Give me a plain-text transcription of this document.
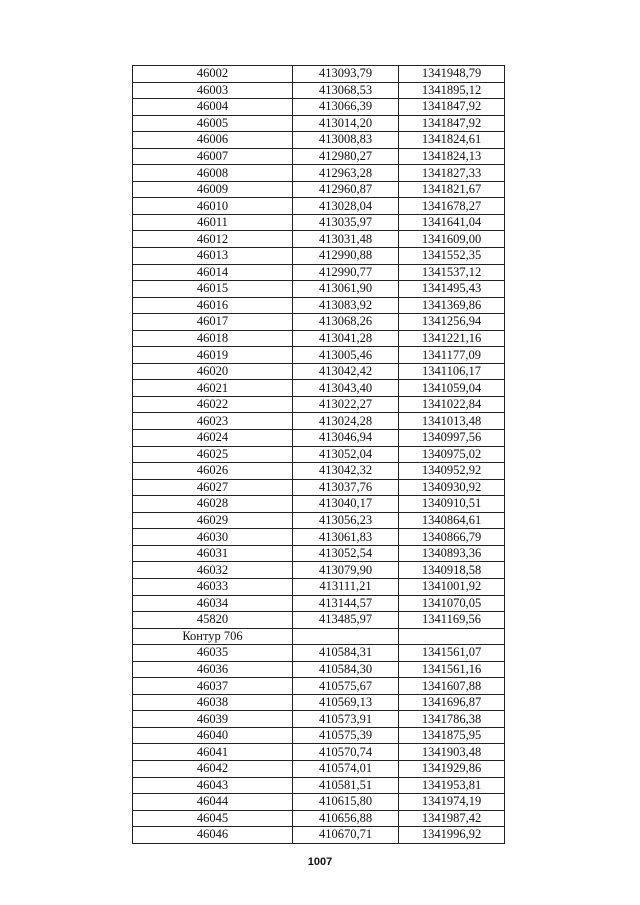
46002	413093,79	1341948,79
46003	413068,53	1341895,12
46004	413066,39	1341847,92
46005	413014,20	1341847,92
46006	413008,83	1341824,61
46007	412980,27	1341824,13
46008	412963,28	1341827,33
46009	412960,87	1341821,67
46010	413028,04	1341678,27
46011	413035,97	1341641,04
46012	413031,48	1341609,00
46013	412990,88	1341552,35
46014	412990,77	1341537,12
46015	413061,90	1341495,43
46016	413083,92	1341369,86
46017	413068,26	1341256,94
46018	413041,28	1341221,16
46019	413005,46	1341177,09
46020	413042,42	1341106,17
46021	413043,40	1341059,04
46022	413022,27	1341022,84
46023	413024,28	1341013,48
46024	413046,94	1340997,56
46025	413052,04	1340975,02
46026	413042,32	1340952,92
46027	413037,76	1340930,92
46028	413040,17	1340910,51
46029	413056,23	1340864,61
46030	413061,83	1340866,79
46031	413052,54	1340893,36
46032	413079,90	1340918,58
46033	413111,21	1341001,92
46034	413144,57	1341070,05
45820	413485,97	1341169,56
Контур 706		
46035	410584,31	1341561,07
46036	410584,30	1341561,16
46037	410575,67	1341607,88
46038	410569,13	1341696,87
46039	410573,91	1341786,38
46040	410575,39	1341875,95
46041	410570,74	1341903,48
46042	410574,01	1341929,86
46043	410581,51	1341953,81
46044	410615,80	1341974,19
46045	410656,88	1341987,42
46046	410670,71	1341996,92
1007
